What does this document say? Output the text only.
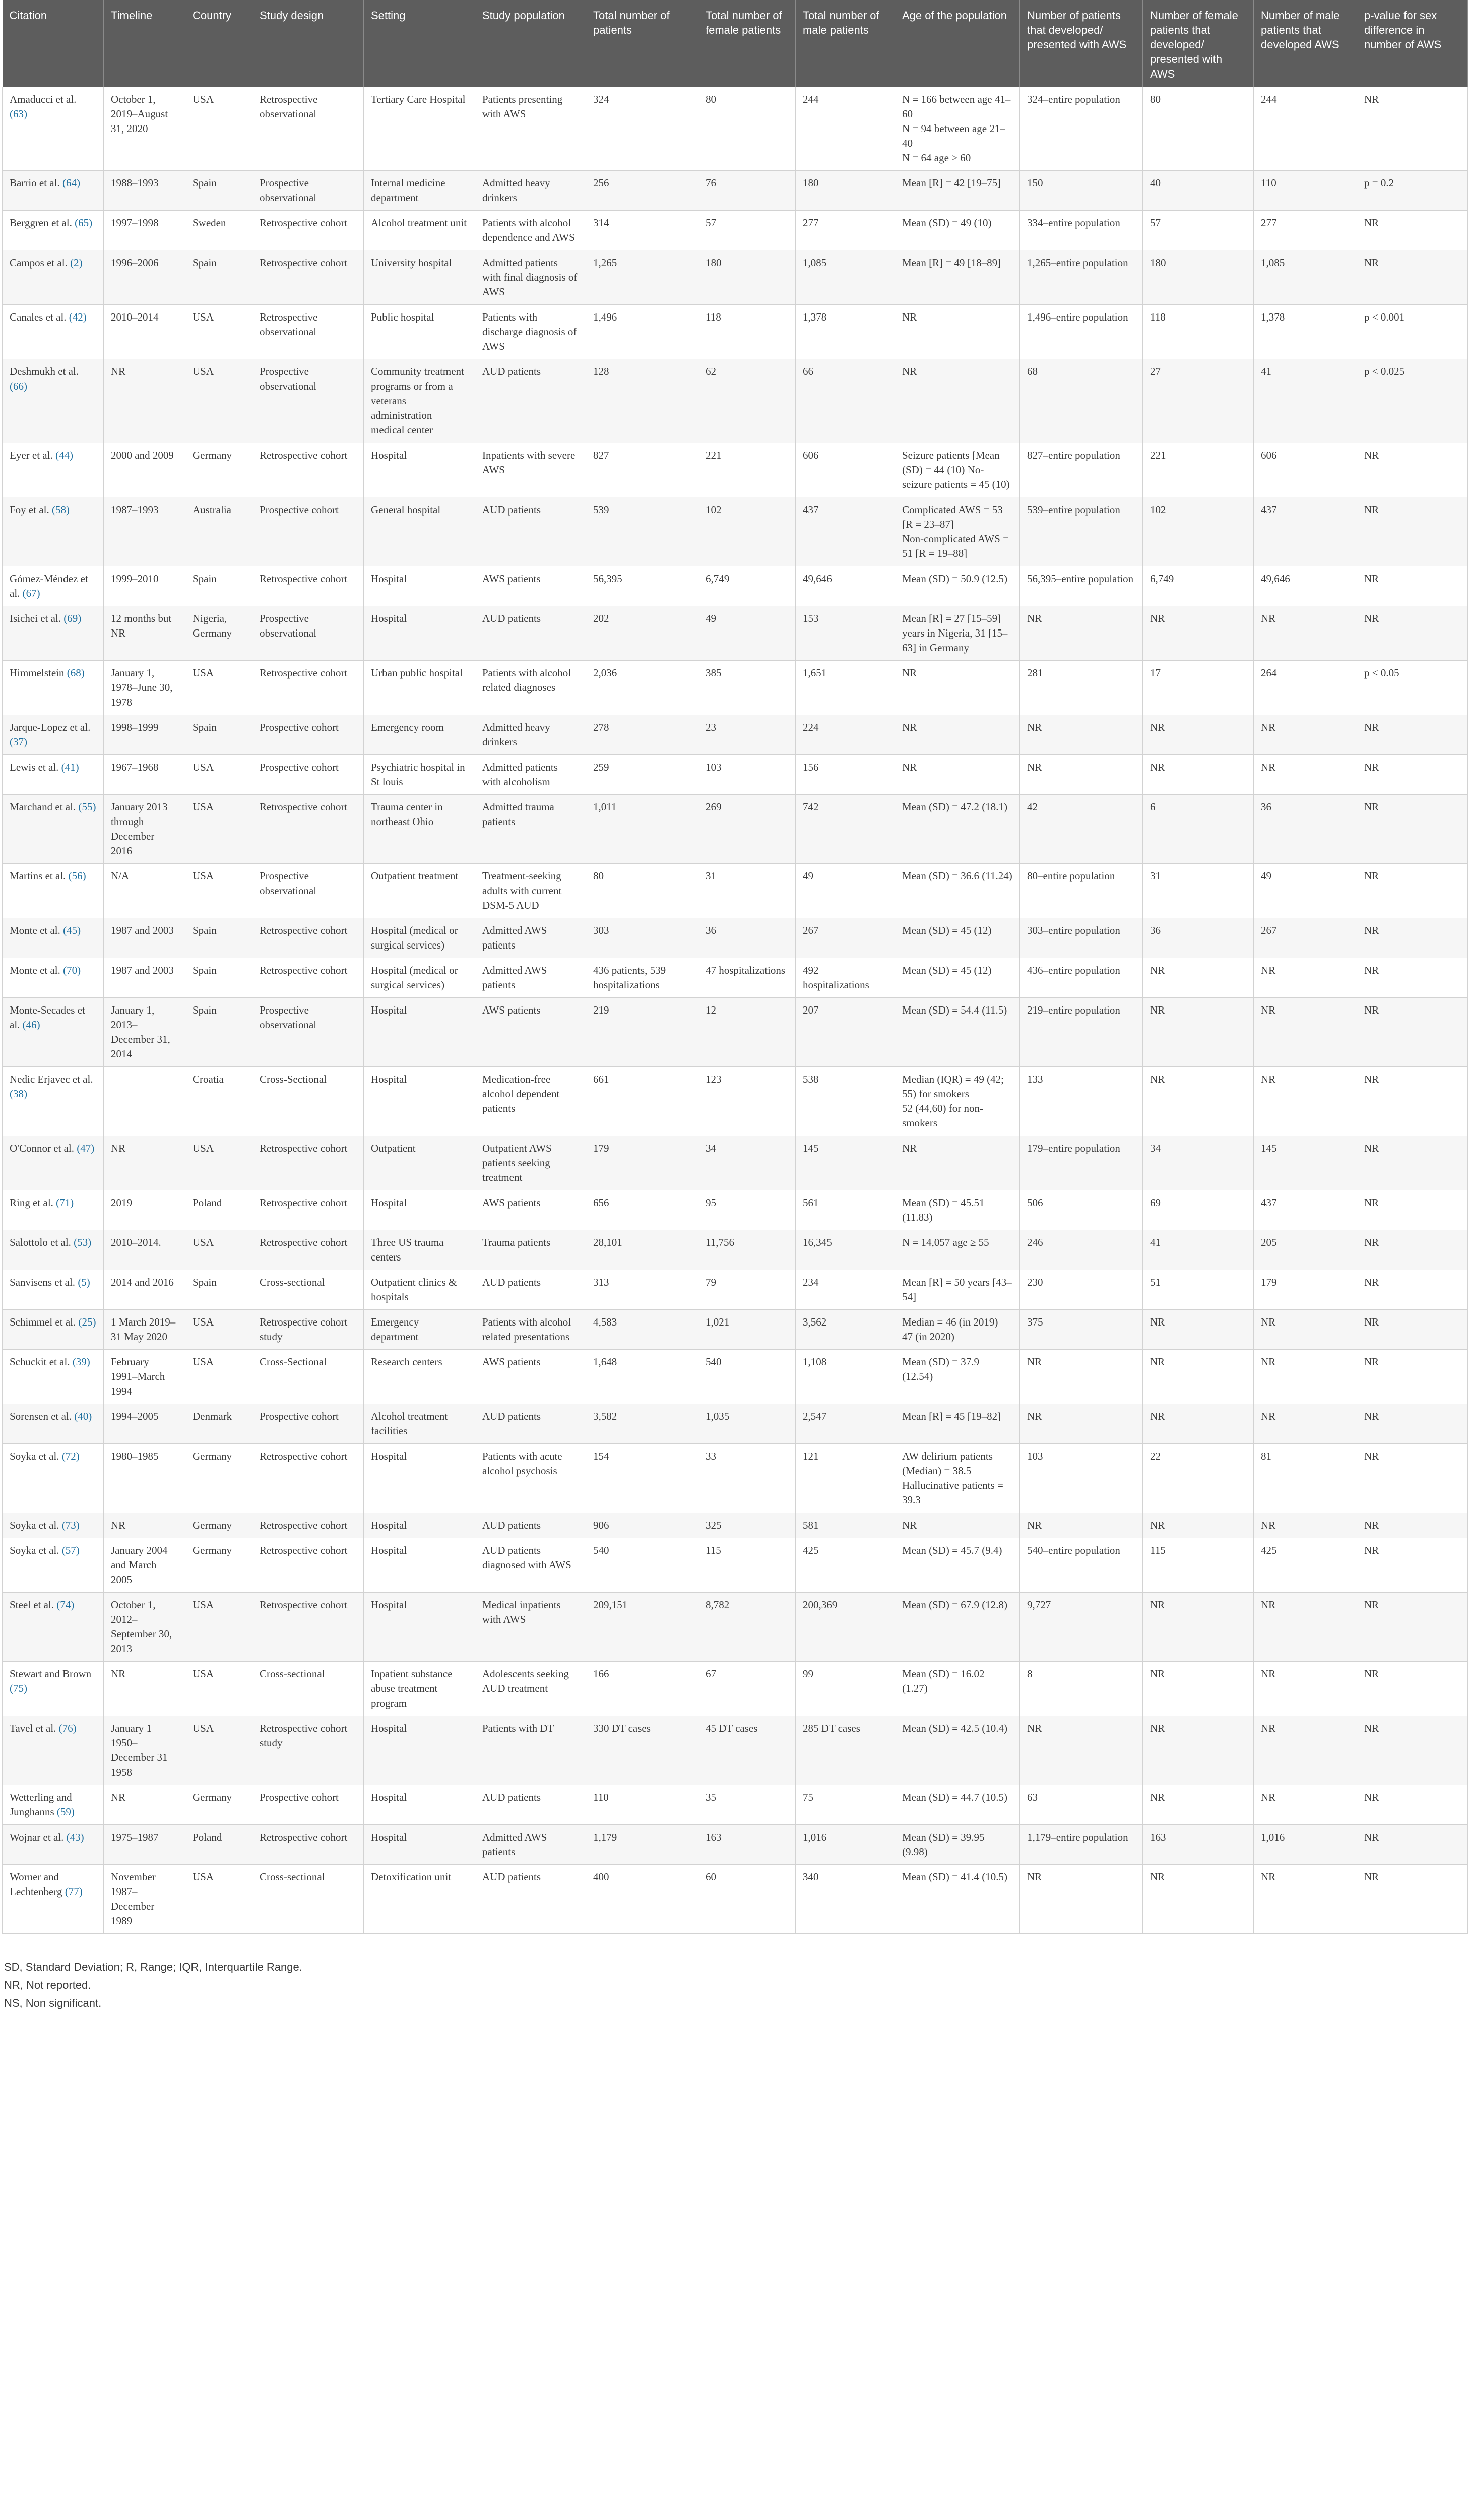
Citation	Timeline	Country	Study design	Setting	Study population	Total number of patients	Total number of female patients	Total number of male patients	Age of the population	Number of patients that developed/ presented with AWS	Number of female patients that developed/ presented with AWS	Number of male patients that developed AWS	p-value for sex difference in number of AWS
Amaducci et al. (63)	October 1, 2019–August 31, 2020	USA	Retrospective observational	Tertiary Care Hospital	Patients presenting with AWS	324	80	244	N = 166 between age 41–60
N = 94 between age 21–40
N = 64 age > 60	324–entire population	80	244	NR
Barrio et al. (64)	1988–1993	Spain	Prospective observational	Internal medicine department	Admitted heavy drinkers	256	76	180	Mean [R] = 42 [19–75]	150	40	110	p = 0.2
Berggren et al. (65)	1997–1998	Sweden	Retrospective cohort	Alcohol treatment unit	Patients with alcohol dependence and AWS	314	57	277	Mean (SD) = 49 (10)	334–entire population	57	277	NR
Campos et al. (2)	1996–2006	Spain	Retrospective cohort	University hospital	Admitted patients with final diagnosis of AWS	1,265	180	1,085	Mean [R] = 49 [18–89]	1,265–entire population	180	1,085	NR
Canales et al. (42)	2010–2014	USA	Retrospective observational	Public hospital	Patients with discharge diagnosis of AWS	1,496	118	1,378	NR	1,496–entire population	118	1,378	p < 0.001
Deshmukh et al. (66)	NR	USA	Prospective observational	Community treatment programs or from a veterans administration medical center	AUD patients	128	62	66	NR	68	27	41	p < 0.025
Eyer et al. (44)	2000 and 2009	Germany	Retrospective cohort	Hospital	Inpatients with severe AWS	827	221	606	Seizure patients [Mean (SD) = 44 (10) No-seizure patients = 45 (10)	827–entire population	221	606	NR
Foy et al. (58)	1987–1993	Australia	Prospective cohort	General hospital	AUD patients	539	102	437	Complicated AWS = 53 [R = 23–87]
Non-complicated AWS = 51 [R = 19–88]	539–entire population	102	437	NR
Gómez-Méndez et al. (67)	1999–2010	Spain	Retrospective cohort	Hospital	AWS patients	56,395	6,749	49,646	Mean (SD) = 50.9 (12.5)	56,395–entire population	6,749	49,646	NR
Isichei et al. (69)	12 months but NR	Nigeria, Germany	Prospective observational	Hospital	AUD patients	202	49	153	Mean [R] = 27 [15–59] years in Nigeria, 31 [15–63] in Germany	NR	NR	NR	NR
Himmelstein (68)	January 1, 1978–June 30, 1978	USA	Retrospective cohort	Urban public hospital	Patients with alcohol related diagnoses	2,036	385	1,651	NR	281	17	264	p < 0.05
Jarque-Lopez et al. (37)	1998–1999	Spain	Prospective cohort	Emergency room	Admitted heavy drinkers	278	23	224	NR	NR	NR	NR	NR
Lewis et al. (41)	1967–1968	USA	Prospective cohort	Psychiatric hospital in St louis	Admitted patients with alcoholism	259	103	156	NR	NR	NR	NR	NR
Marchand et al. (55)	January 2013 through December 2016	USA	Retrospective cohort	Trauma center in northeast Ohio	Admitted trauma patients	1,011	269	742	Mean (SD) = 47.2 (18.1)	42	6	36	NR
Martins et al. (56)	N/A	USA	Prospective observational	Outpatient treatment	Treatment-seeking adults with current DSM-5 AUD	80	31	49	Mean (SD) = 36.6 (11.24)	80–entire population	31	49	NR
Monte et al. (45)	1987 and 2003	Spain	Retrospective cohort	Hospital (medical or surgical services)	Admitted AWS patients	303	36	267	Mean (SD) = 45 (12)	303–entire population	36	267	NR
Monte et al. (70)	1987 and 2003	Spain	Retrospective cohort	Hospital (medical or surgical services)	Admitted AWS patients	436 patients, 539 hospitalizations	47 hospitalizations	492 hospitalizations	Mean (SD) = 45 (12)	436–entire population	NR	NR	NR
Monte-Secades et al. (46)	January 1, 2013–December 31, 2014	Spain	Prospective observational	Hospital	AWS patients	219	12	207	Mean (SD) = 54.4 (11.5)	219–entire population	NR	NR	NR
Nedic Erjavec et al. (38)		Croatia	Cross-Sectional	Hospital	Medication-free alcohol dependent patients	661	123	538	Median (IQR) = 49 (42; 55) for smokers
52 (44,60) for non-smokers	133	NR	NR	NR
O'Connor et al. (47)	NR	USA	Retrospective cohort	Outpatient	Outpatient AWS patients seeking treatment	179	34	145	NR	179–entire population	34	145	NR
Ring et al. (71)	2019	Poland	Retrospective cohort	Hospital	AWS patients	656	95	561	Mean (SD) = 45.51 (11.83)	506	69	437	NR
Salottolo et al. (53)	2010–2014.	USA	Retrospective cohort	Three US trauma centers	Trauma patients	28,101	11,756	16,345	N = 14,057 age ≥ 55	246	41	205	NR
Sanvisens et al. (5)	2014 and 2016	Spain	Cross-sectional	Outpatient clinics & hospitals	AUD patients	313	79	234	Mean [R] = 50 years [43–54]	230	51	179	NR
Schimmel et al. (25)	1 March 2019–31 May 2020	USA	Retrospective cohort study	Emergency department	Patients with alcohol related presentations	4,583	1,021	3,562	Median = 46 (in 2019)
47 (in 2020)	375	NR	NR	NR
Schuckit et al. (39)	February 1991–March 1994	USA	Cross-Sectional	Research centers	AWS patients	1,648	540	1,108	Mean (SD) = 37.9 (12.54)	NR	NR	NR	NR
Sorensen et al. (40)	1994–2005	Denmark	Prospective cohort	Alcohol treatment facilities	AUD patients	3,582	1,035	2,547	Mean [R] = 45 [19–82]	NR	NR	NR	NR
Soyka et al. (72)	1980–1985	Germany	Retrospective cohort	Hospital	Patients with acute alcohol psychosis	154	33	121	AW delirium patients (Median) = 38.5 Hallucinative patients = 39.3	103	22	81	NR
Soyka et al. (73)	NR	Germany	Retrospective cohort	Hospital	AUD patients	906	325	581	NR	NR	NR	NR	NR
Soyka et al. (57)	January 2004 and March 2005	Germany	Retrospective cohort	Hospital	AUD patients diagnosed with AWS	540	115	425	Mean (SD) = 45.7 (9.4)	540–entire population	115	425	NR
Steel et al. (74)	October 1, 2012–September 30, 2013	USA	Retrospective cohort	Hospital	Medical inpatients with AWS	209,151	8,782	200,369	Mean (SD) = 67.9 (12.8)	9,727	NR	NR	NR
Stewart and Brown (75)	NR	USA	Cross-sectional	Inpatient substance abuse treatment program	Adolescents seeking AUD treatment	166	67	99	Mean (SD) = 16.02 (1.27)	8	NR	NR	NR
Tavel et al. (76)	January 1 1950–December 31 1958	USA	Retrospective cohort study	Hospital	Patients with DT	330 DT cases	45 DT cases	285 DT cases	Mean (SD) = 42.5 (10.4)	NR	NR	NR	NR
Wetterling and Junghanns (59)	NR	Germany	Prospective cohort	Hospital	AUD patients	110	35	75	Mean (SD) = 44.7 (10.5)	63	NR	NR	NR
Wojnar et al. (43)	1975–1987	Poland	Retrospective cohort	Hospital	Admitted AWS patients	1,179	163	1,016	Mean (SD) = 39.95 (9.98)	1,179–entire population	163	1,016	NR
Worner and Lechtenberg (77)	November 1987–December 1989	USA	Cross-sectional	Detoxification unit	AUD patients	400	60	340	Mean (SD) = 41.4 (10.5)	NR	NR	NR	NR
SD, Standard Deviation; R, Range; IQR, Interquartile Range.
NR, Not reported.
NS, Non significant.
